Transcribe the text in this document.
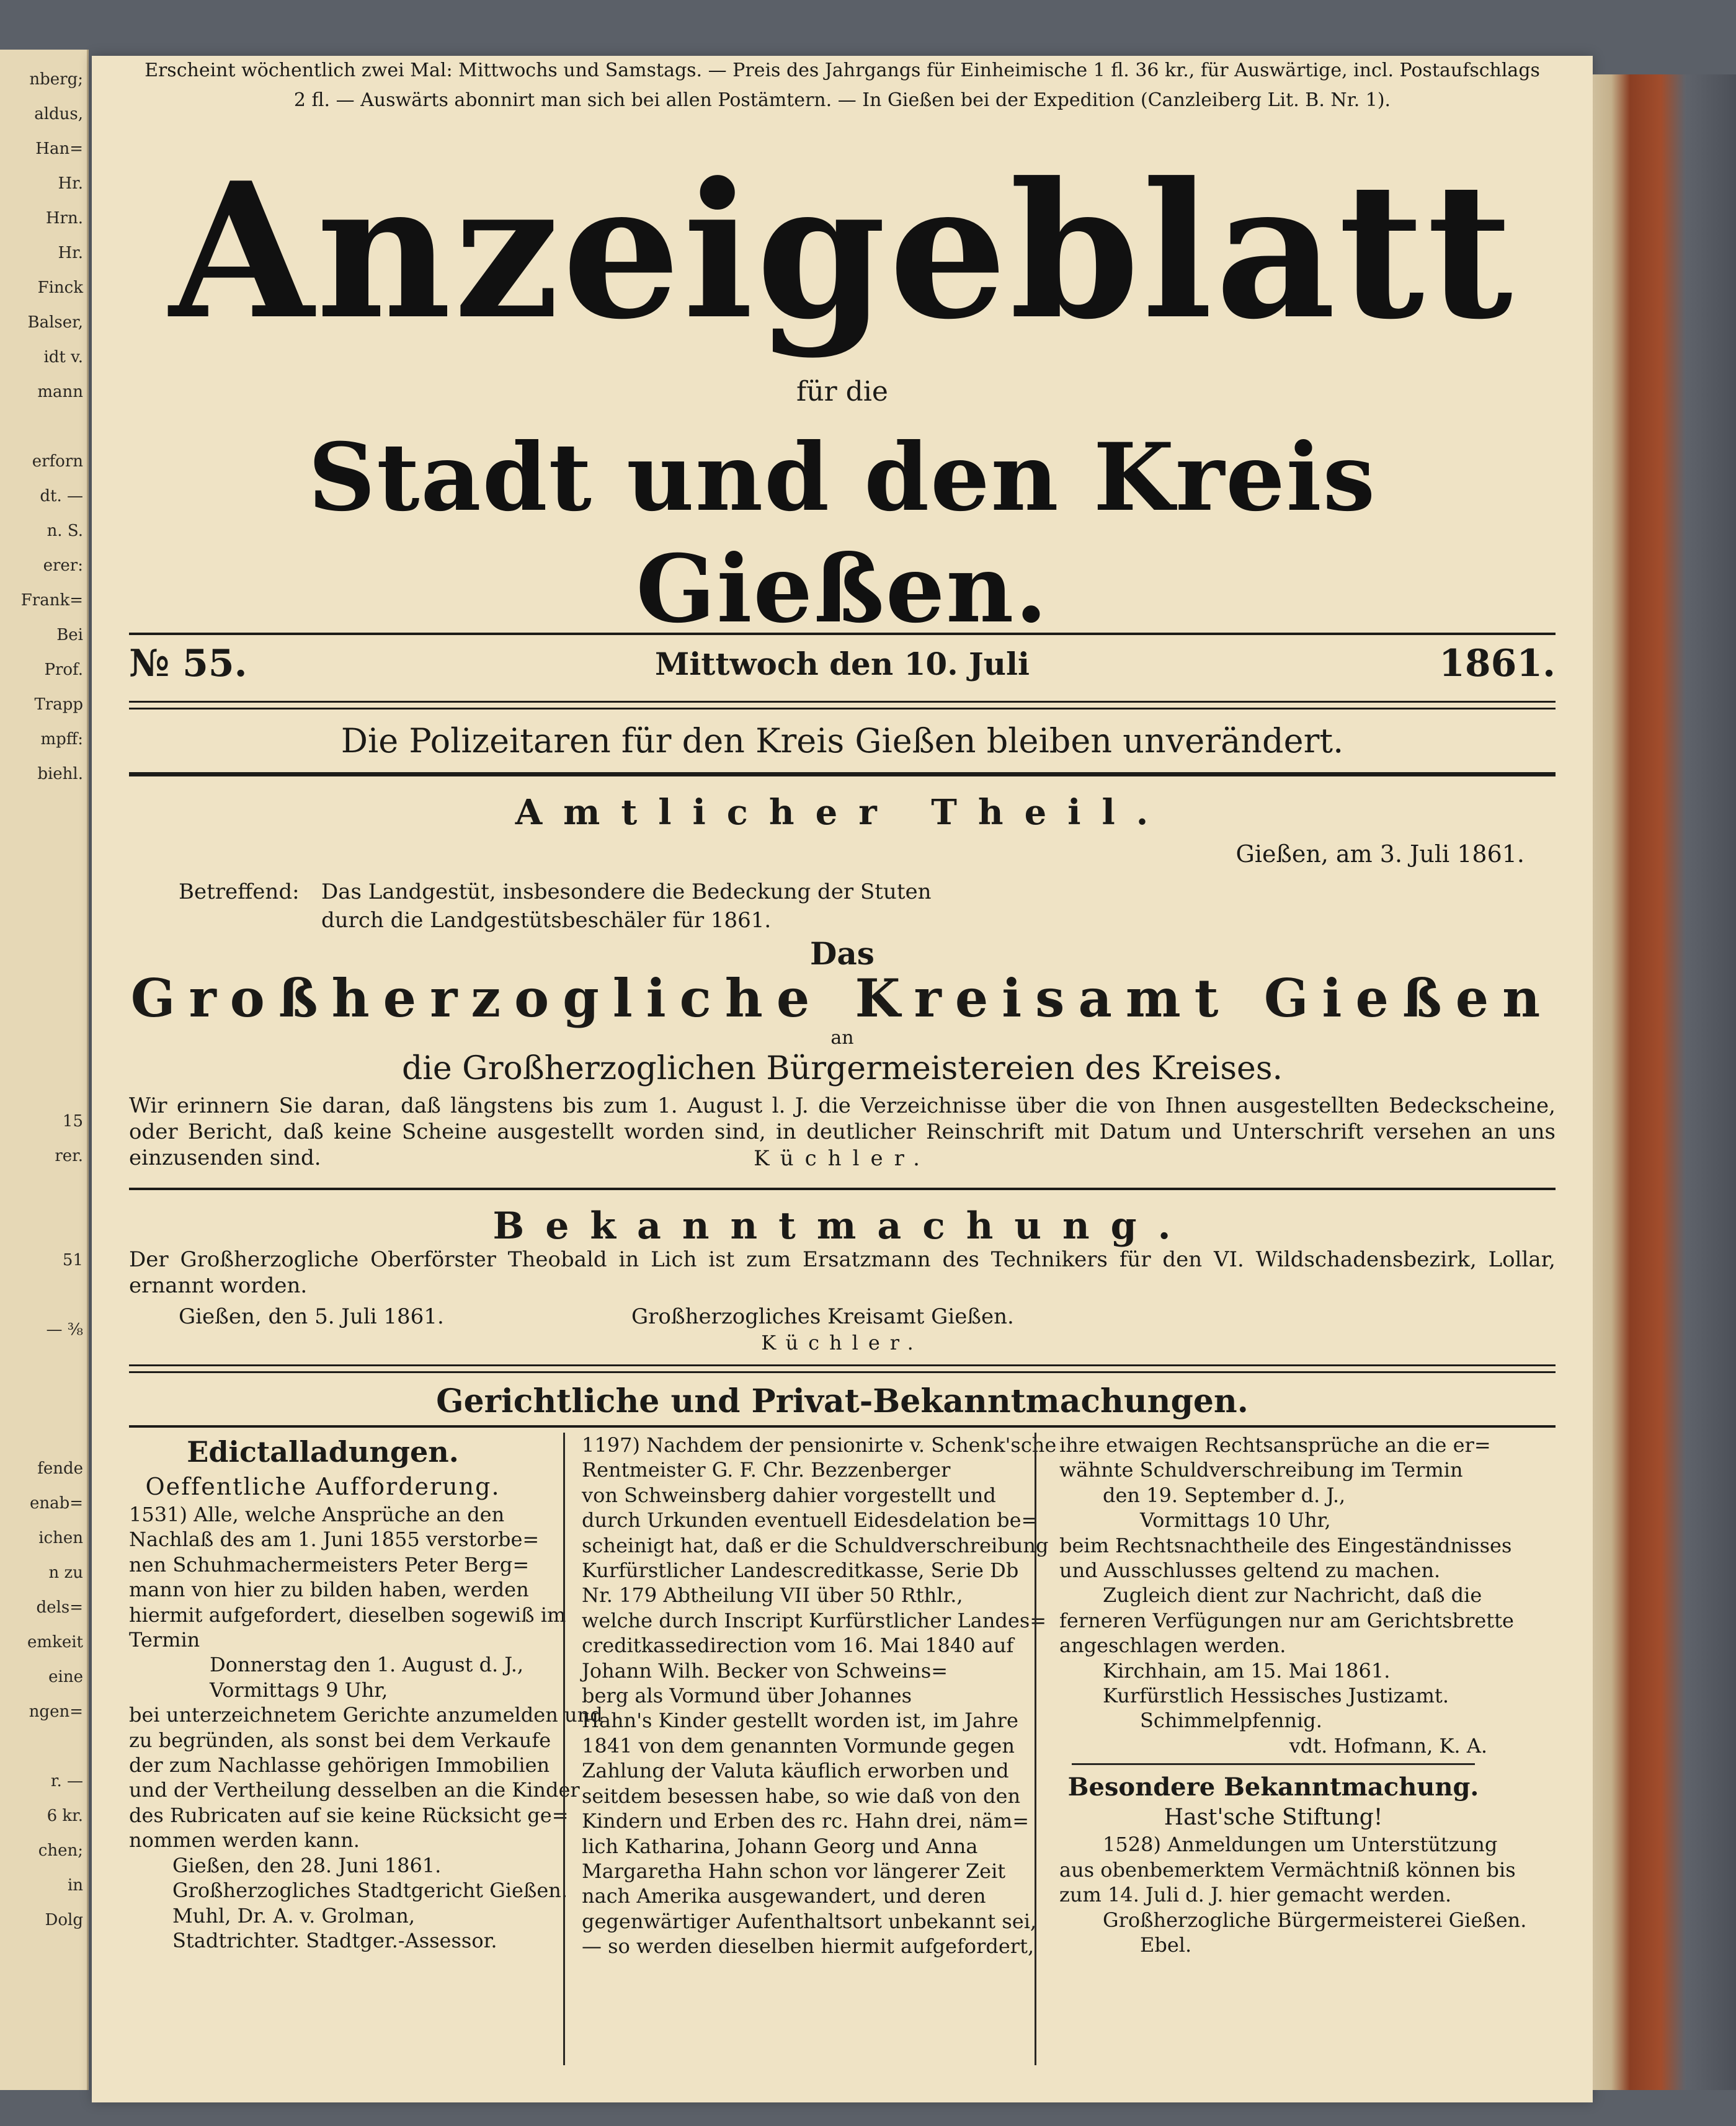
nberg;
aldus,
Han=
Hr.
Hrn.
Hr.
Finck
Balser,
idt v.
mann
erforn
dt. —
n. S.
erer:
Frank=
Bei
Prof.
Trapp
mpff:
biehl.
15
rer.
51
— ⅜
fende
enab=
ichen
n zu
dels=
emkeit
eine
ngen=
r. —
6 kr.
chen;
in
Dolg
Anzeigeblatt
für die
Stadt und den Kreis Gießen.
Erscheint wöchentlich zwei Mal: Mittwochs und Samstags. — Preis des Jahrgangs für Einheimische 1 fl. 36 kr., für Auswärtige, incl. Postaufschlags
2 fl. — Auswärts abonnirt man sich bei allen Postämtern. — In Gießen bei der Expedition (Canzleiberg Lit. B. Nr. 1).
№ 55.	Mittwoch den 10. Juli	1861.
Die Polizeitaren für den Kreis Gießen bleiben unverändert.
Amtlicher Theil.
Gießen, am 3. Juli 1861.
Betreffend: Das Landgestüt, insbesondere die Bedeckung der Stuten
durch die Landgestütsbeschäler für 1861.
Das
Großherzogliche Kreisamt Gießen
an
die Großherzoglichen Bürgermeistereien des Kreises.
Wir erinnern Sie daran, daß längstens bis zum 1. August l. J. die Verzeichnisse über die von Ihnen ausgestellten Bedeckscheine, oder Bericht, daß keine Scheine ausgestellt worden sind, in deutlicher Reinschrift mit Datum und Unterschrift versehen an uns einzusenden sind.	Küchler.
Bekanntmachung.
Der Großherzogliche Oberförster Theobald in Lich ist zum Ersatzmann des Technikers für den VI. Wildschadensbezirk, Lollar, ernannt worden.
Gießen, den 5. Juli 1861.	Großherzogliches Kreisamt Gießen.
Küchler.
Gerichtliche und Privat-Bekanntmachungen.
Edictalladungen.
Oeffentliche Aufforderung.
1531) Alle, welche Ansprüche an den
Nachlaß des am 1. Juni 1855 verstorbe=
nen Schuhmachermeisters Peter Berg=
mann von hier zu bilden haben, werden
hiermit aufgefordert, dieselben sogewiß im
Termin
Donnerstag den 1. August d. J.,
Vormittags 9 Uhr,
bei unterzeichnetem Gerichte anzumelden und
zu begründen, als sonst bei dem Verkaufe
der zum Nachlasse gehörigen Immobilien
und der Vertheilung desselben an die Kinder
des Rubricaten auf sie keine Rücksicht ge=
nommen werden kann.
Gießen, den 28. Juni 1861.
Großherzogliches Stadtgericht Gießen.
Muhl, Dr. A. v. Grolman,
Stadtrichter. Stadtger.-Assessor.
1197) Nachdem der pensionirte v. Schenk'sche
Rentmeister G. F. Chr. Bezzenberger
von Schweinsberg dahier vorgestellt und
durch Urkunden eventuell Eidesdelation be=
scheinigt hat, daß er die Schuldverschreibung
Kurfürstlicher Landescreditkasse, Serie Db
Nr. 179 Abtheilung VII über 50 Rthlr.,
welche durch Inscript Kurfürstlicher Landes=
creditkassedirection vom 16. Mai 1840 auf
Johann Wilh. Becker von Schweins=
berg als Vormund über Johannes
Hahn's Kinder gestellt worden ist, im Jahre
1841 von dem genannten Vormunde gegen
Zahlung der Valuta käuflich erworben und
seitdem besessen habe, so wie daß von den
Kindern und Erben des rc. Hahn drei, näm=
lich Katharina, Johann Georg und Anna
Margaretha Hahn schon vor längerer Zeit
nach Amerika ausgewandert, und deren
gegenwärtiger Aufenthaltsort unbekannt sei,
— so werden dieselben hiermit aufgefordert,
ihre etwaigen Rechtsansprüche an die er=
wähnte Schuldverschreibung im Termin
den 19. September d. J.,
Vormittags 10 Uhr,
beim Rechtsnachtheile des Eingeständnisses
und Ausschlusses geltend zu machen.
Zugleich dient zur Nachricht, daß die
ferneren Verfügungen nur am Gerichtsbrette
angeschlagen werden.
Kirchhain, am 15. Mai 1861.
Kurfürstlich Hessisches Justizamt.
Schimmelpfennig.
vdt. Hofmann, K. A.
Besondere Bekanntmachung.
Hast'sche Stiftung!
1528) Anmeldungen um Unterstützung
aus obenbemerktem Vermächtniß können bis
zum 14. Juli d. J. hier gemacht werden.
Großherzogliche Bürgermeisterei Gießen.
Ebel.
